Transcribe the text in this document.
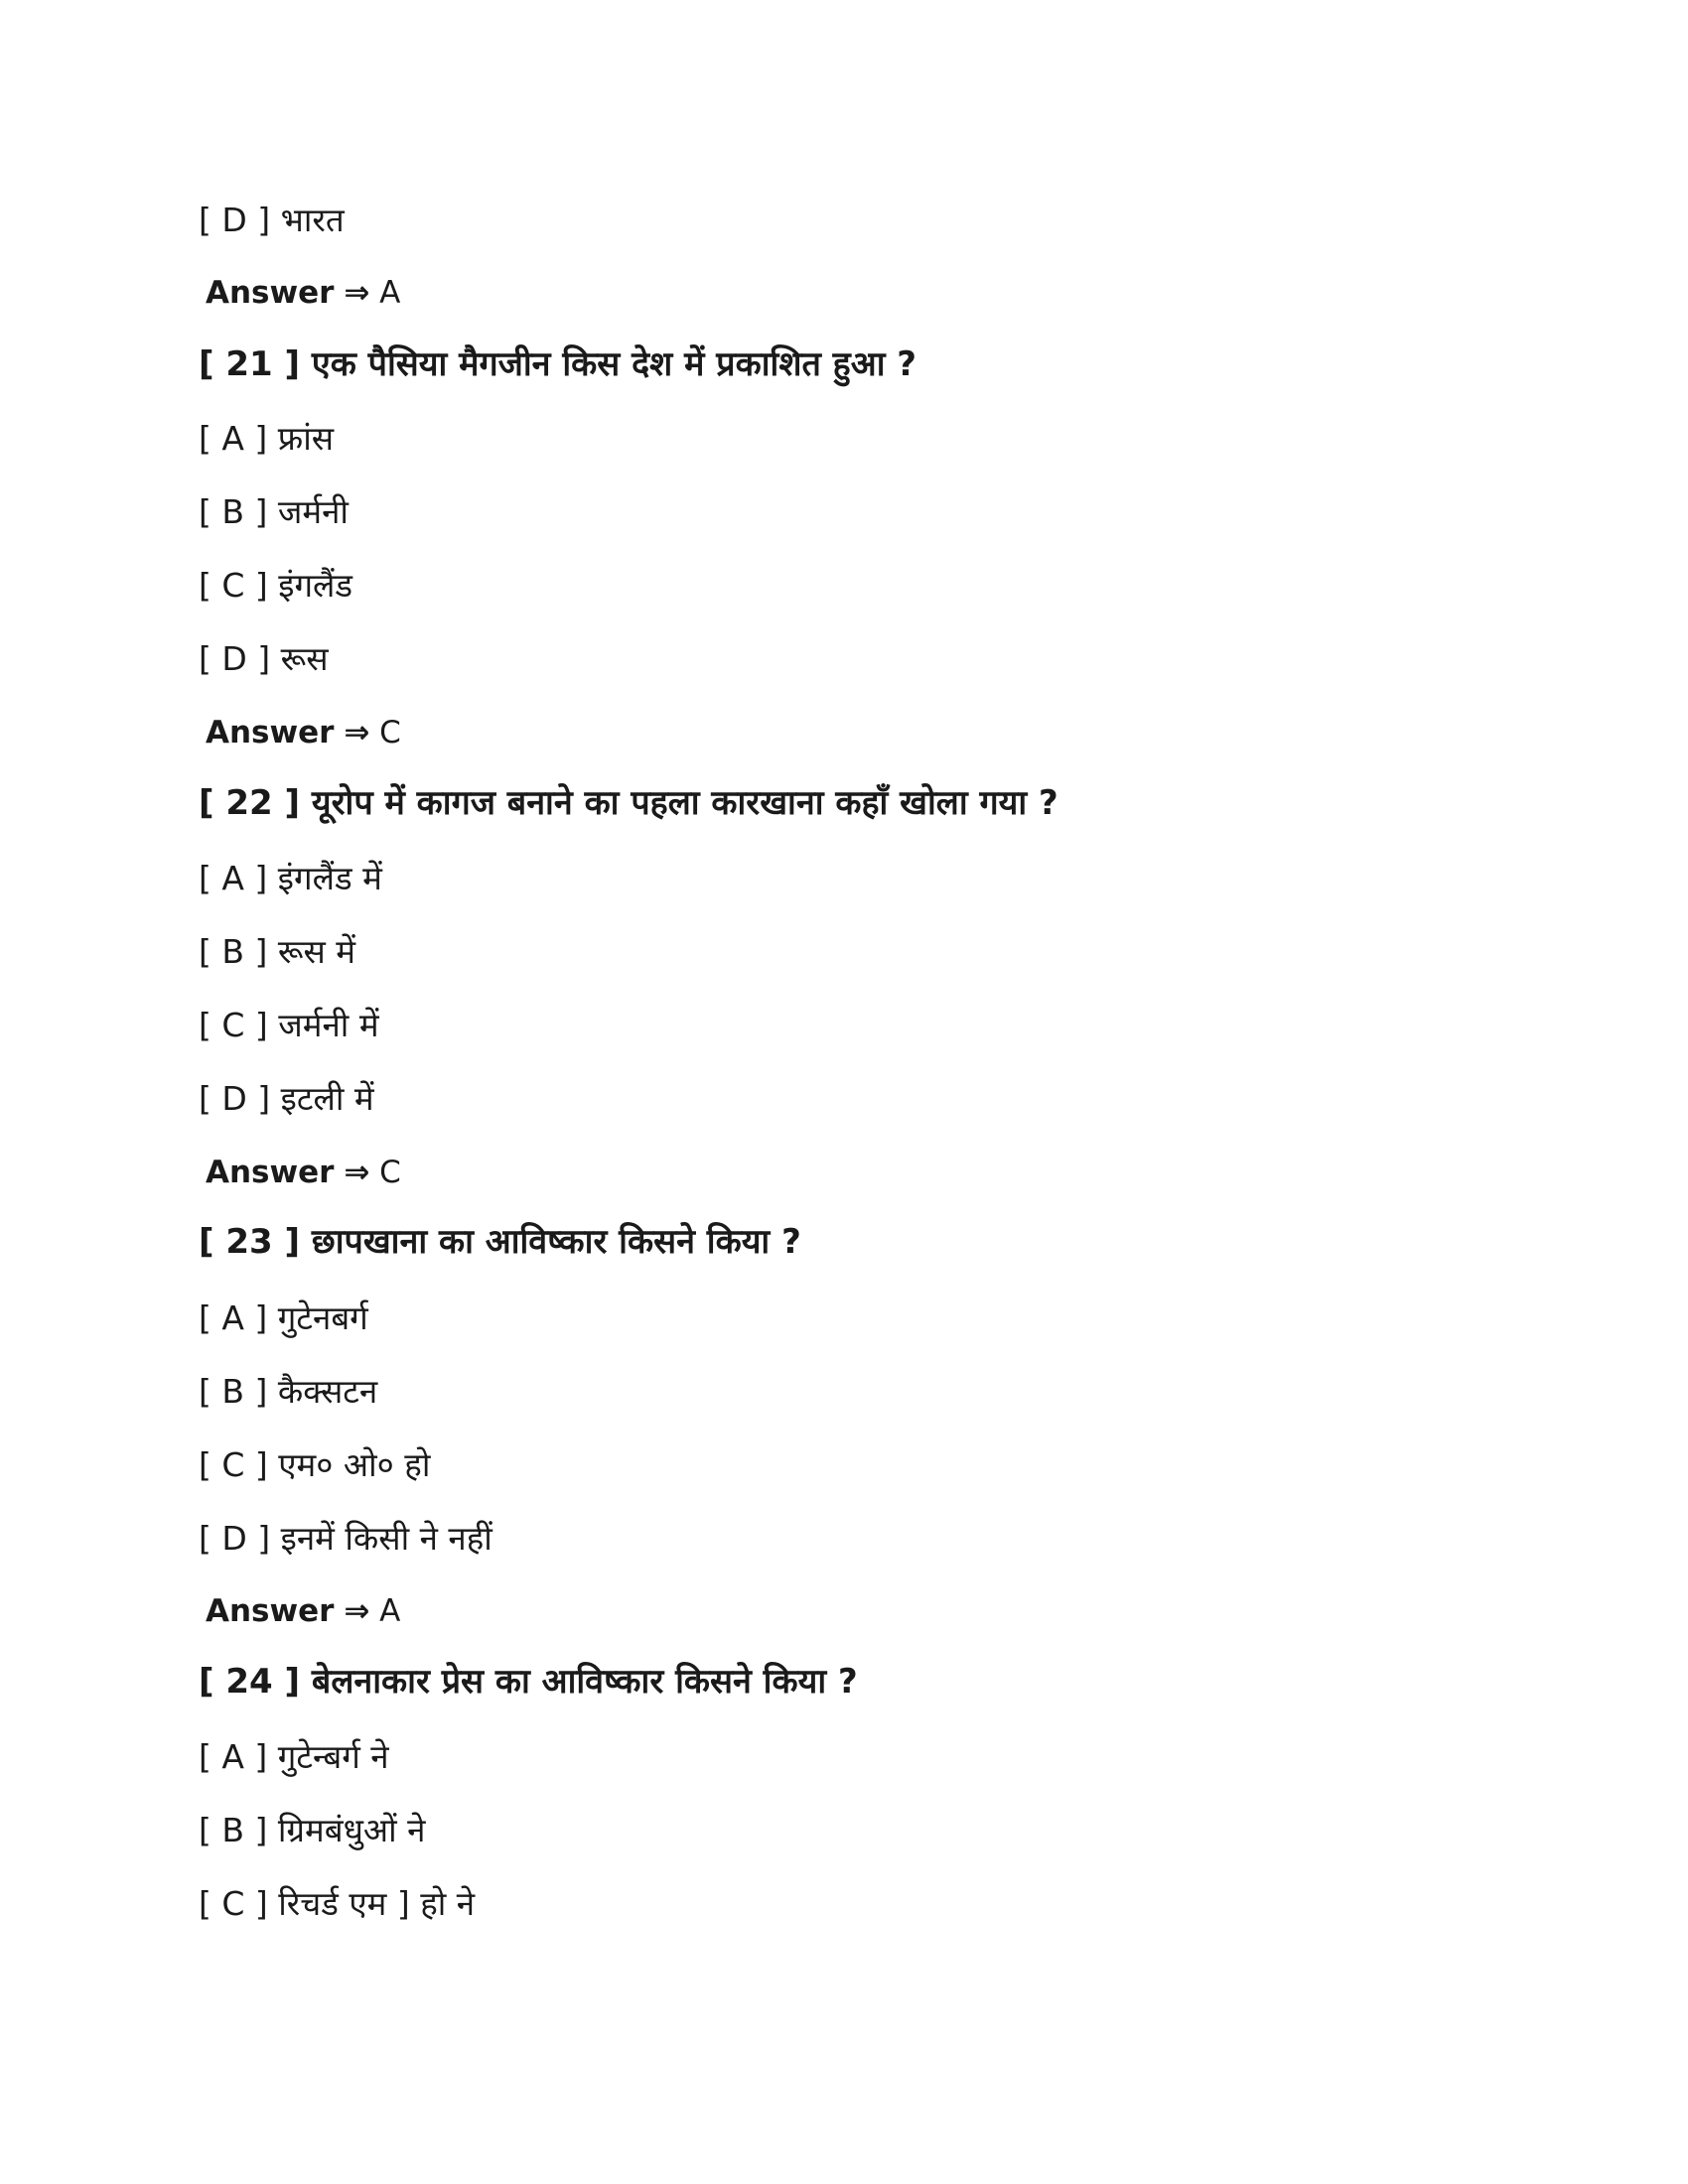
[ D ] भारत
Answer ⇒ A
[ 21 ] एक पैसिया मैगजीन किस देश में प्रकाशित हुआ ?
[ A ] फ्रांस
[ B ] जर्मनी
[ C ] इंगलैंड
[ D ] रूस
Answer ⇒ C
[ 22 ] यूरोप में कागज बनाने का पहला कारखाना कहाँ खोला गया ?
[ A ] इंगलैंड में
[ B ] रूस में
[ C ] जर्मनी में
[ D ] इटली में
Answer ⇒ C
[ 23 ] छापखाना का आविष्कार किसने किया ?
[ A ] गुटेनबर्ग
[ B ] कैक्सटन
[ C ] एम० ओ० हो
[ D ] इनमें किसी ने नहीं
Answer ⇒ A
[ 24 ] बेलनाकार प्रेस का आविष्कार किसने किया ?
[ A ] गुटेन्बर्ग ने
[ B ] ग्रिमबंधुओं ने
[ C ] रिचर्ड एम ] हो ने
